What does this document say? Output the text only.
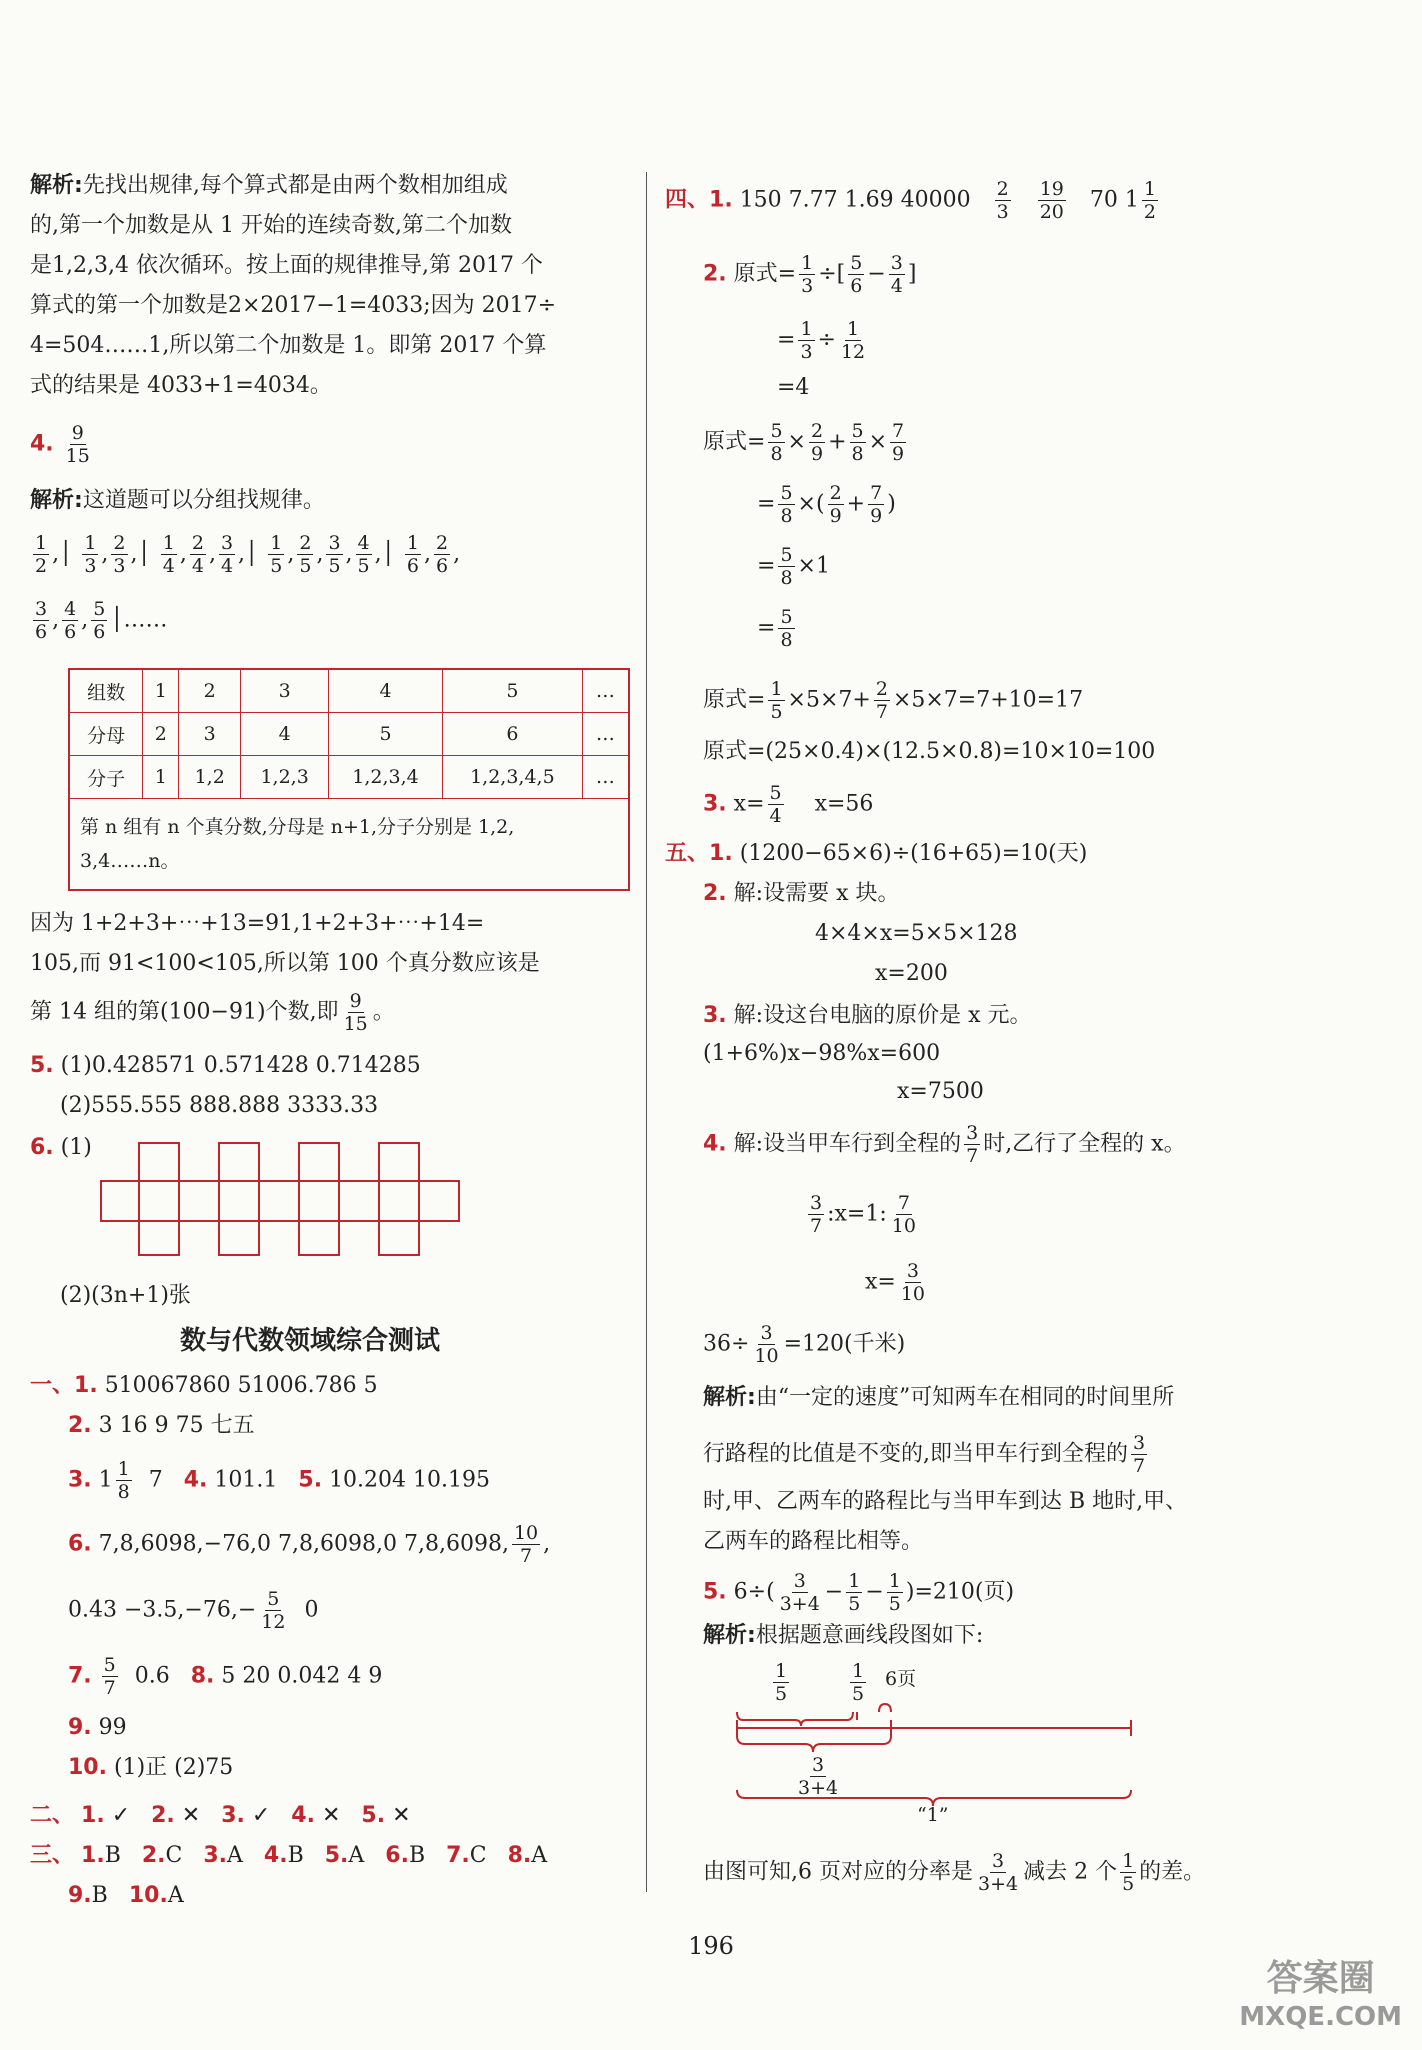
解析:先找出规律,每个算式都是由两个数相加组成
的,第一个加数是从 1 开始的连续奇数,第二个加数
是1,2,3,4 依次循环。按上面的规律推导,第 2017 个
算式的第一个加数是2×2017−1=4033;因为 2017÷
4=504……1,所以第二个加数是 1。即第 2017 个算
式的结果是 4033+1=4034。
4. $\frac{9}{15}$
解析:这道题可以分组找规律。
$\frac{1}{2}$ ,│ $\frac{1}{3}$ , $\frac{2}{3}$ ,│ $\frac{1}{4}$ , $\frac{2}{4}$ , $\frac{3}{4}$ ,│ $\frac{1}{5}$ , $\frac{2}{5}$ , $\frac{3}{5}$ , $\frac{4}{5}$ ,│ $\frac{1}{6}$ , $\frac{2}{6}$ ,
$\frac{3}{6}$ , $\frac{4}{6}$ , $\frac{5}{6}$ │……
组数	1	2	3	4	5	…
分母	2	3	4	5	6	…
分子	1	1,2	1,2,3	1,2,3,4	1,2,3,4,5	…

第 n 组有 n 个真分数,分母是 n+1,分子分别是 1,2,
3,4……n。						
因为 1+2+3+⋯+13=91,1+2+3+⋯+14=
105,而 91<100<105,所以第 100 个真分数应该是
第 14 组的第(100−91)个数,即 $\frac{9}{15}$ 。
5. (1)0.428571 0.571428 0.714285
(2)555.555 888.888 3333.33
6. (1)
(2)(3n+1)张
数与代数领域综合测试
一、1. 510067860 51006.786 5
2. 3 16 9 75 七五
3. $1 \frac{1}{8} 7$ 4. 101.1 5. 10.204 10.195
6. 7,8,6098,−76,0 7,8,6098,0 7,8,6098, $\frac{10}{7}$ ,
$0.43 -3.5,-76,- \frac{5}{12} 0$
7. $\frac{5}{7} 0.6$ 8. 5 20 0.042 4 9
9. 99
10. (1)正 (2)75
二、 1. ✓ 2. ✕ 3. ✓ 4. ✕ 5. ✕
三、 1.B 2.C 3.A 4.B 5.A 6.B 7.C 8.A
9.B 10.A
四、1. 150 7.77 1.69 $40000 \frac{2}{3}$
$\frac{19}{20} 70$ $1 \frac{1}{2}$
2. 原式= $\frac{1}{3}$ ÷[ $\frac{5}{6} - \frac{3}{4}$ ]
= $\frac{1}{3} \div \frac{1}{12}$
=4
原式= $\frac{5}{8} \times \frac{2}{9} + \frac{5}{8} \times \frac{7}{9}$
= $\frac{5}{8}$ ×( $\frac{2}{9} + \frac{7}{9}$ )
= $\frac{5}{8} \times 1$
= $\frac{5}{8}$
原式= $\frac{1}{5} \times 5\times 7+ \frac{2}{7} \times 5\times 7=7+10=17$
原式=(25×0.4)×(12.5×0.8)=10×10=100
3. $x= \frac{5}{4} x=56$
五、1. (1200−65×6)÷(16+65)=10(天)
2. 解:设需要 x 块。
4×4×x=5×5×128
x=200
3. 解:设这台电脑的原价是 x 元。
(1+6%)x−98%x=600
x=7500
4. 解:设当甲车行到全程的 $\frac{3}{7}$ 时,乙行了全程的 x。
$\frac{3}{7}$ :x=1: $\frac{7}{10}$
$x= \frac{3}{10}$
$36\div \frac{3}{10} =120$(千米)
解析:由“一定的速度”可知两车在相同的时间里所
行路程的比值是不变的,即当甲车行到全程的 $\frac{3}{7}$
时,甲、乙两车的路程比与当甲车到达 B 地时,甲、
乙两车的路程比相等。
5. $6\div( \frac{3}{3+4} - \frac{1}{5} - \frac{1}{5} )=210$(页)
解析:根据题意画线段图如下:
$\frac{1}{5}$	$\frac{1}{5} 6$页
$\frac{3}{3+4}$
“1”
由图可知,6 页对应的分率是 $\frac{3}{3+4}$ 减去 2 个 $\frac{1}{5}$ 的差。
196
答案圈
MXQE.COM
